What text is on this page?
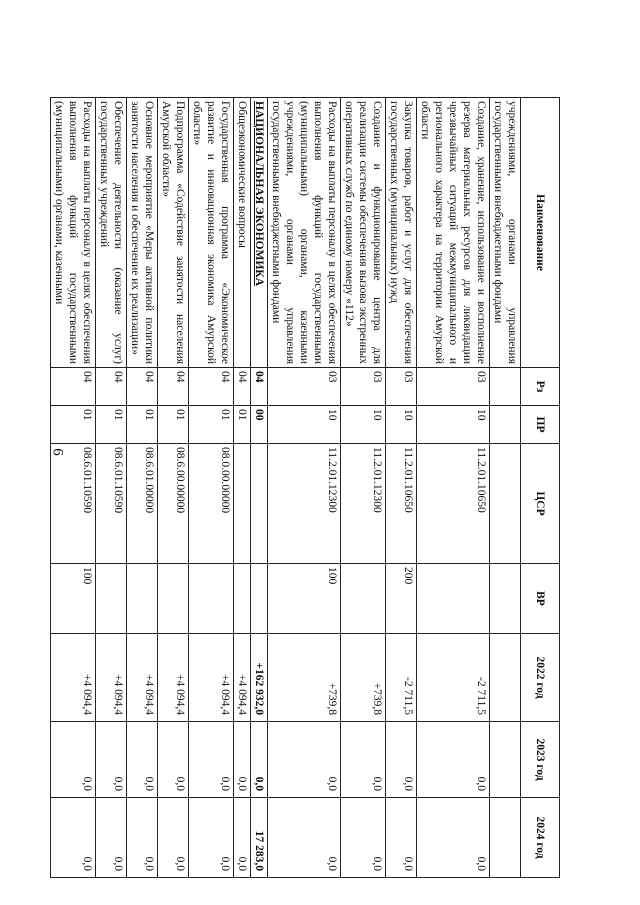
6
Наименование	Рз	ПР	ЦСР	ВР	2022 год	2023 год	2024 год
учреждениями, органами управления государственными внебюджетными фондами							
Создание, хранение, использование и восполнение резерва материальных ресурсов для ликвидации чрезвычайных ситуаций межмуниципального и регионального характера на территории Амурской области	03	10	11.2.01.10650		-2 711,5	0,0	0,0
Закупка товаров, работ и услуг для обеспечения государственных (муниципальных) нужд	03	10	11.2.01.10650	200	-2 711,5	0,0	0,0
Создание и функционирование центра для реализации системы обеспечения вызова экстренных оперативных служб по единому номеру «112»	03	10	11.2.01.12300		+739,8	0,0	0,0
Расходы на выплаты персоналу в целях обеспечения выполнения функций государственными (муниципальными) органами, казенными учреждениями, органами управления государственными внебюджетными фондами	03	10	11.2.01.12300	100	+739,8	0,0	0,0
НАЦИОНАЛЬНАЯ ЭКОНОМИКА	04	00			+162 932,0	0,0	17 283,0
Общеэкономические вопросы	04	01			+4 094,4	0,0	0,0
Государственная программа «Экономическое развитие и инновационная экономика Амурской области»	04	01	08.0.00.00000		+4 094,4	0,0	0,0
Подпрограмма «Содействие занятости населения Амурской области»	04	01	08.6.00.00000		+4 094,4	0,0	0,0
Основное мероприятие «Меры активной политики занятости населения и обеспечение их реализации»	04	01	08.6.01.00000		+4 094,4	0,0	0,0
Обеспечение деятельности (оказание услуг) государственных учреждений	04	01	08.6.01.10590		+4 094,4	0,0	0,0
Расходы на выплаты персоналу в целях обеспечения выполнения функций государственными (муниципальными) органами, казенными	04	01	08.6.01.10590	100	+4 094,4	0,0	0,0
